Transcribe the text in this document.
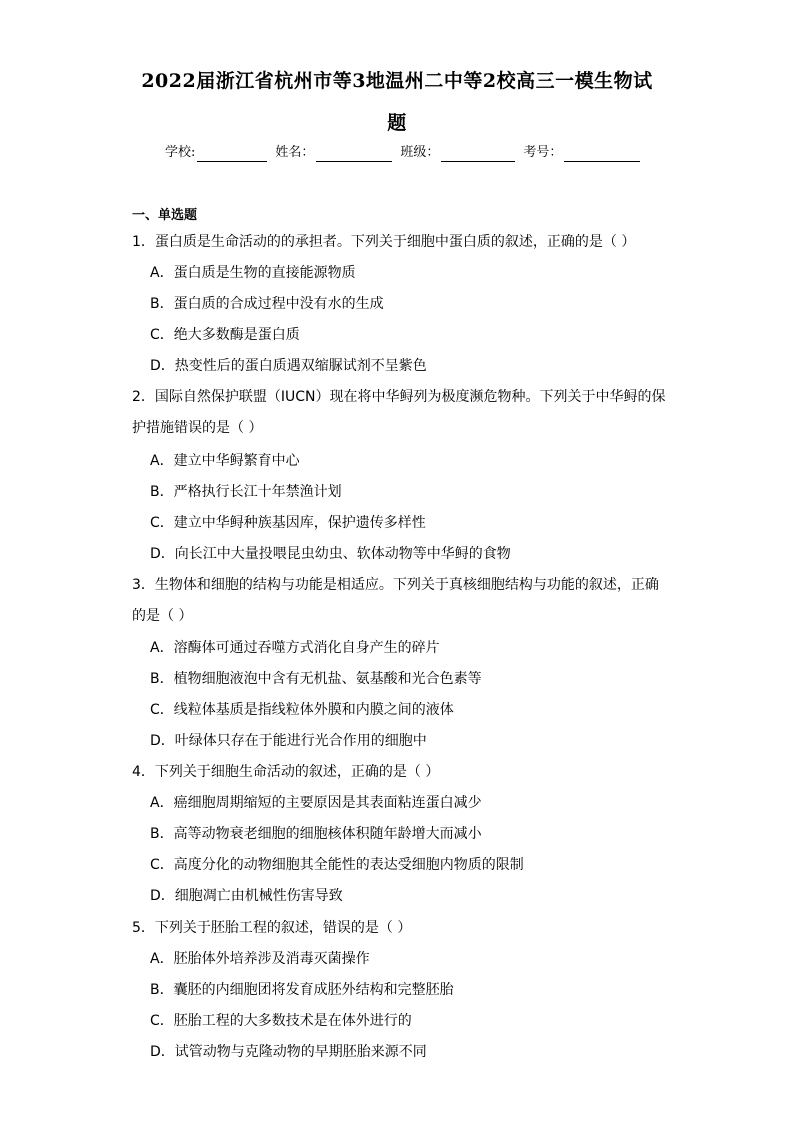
2022届浙江省杭州市等3地温州二中等2校高三一模生物试
题
学校:	姓名：	班级：	考号：
一、单选题
1．蛋白质是生命活动的的承担者。下列关于细胞中蛋白质的叙述，正确的是（ ）
A．蛋白质是生物的直接能源物质
B．蛋白质的合成过程中没有水的生成
C．绝大多数酶是蛋白质
D．热变性后的蛋白质遇双缩脲试剂不呈紫色
2．国际自然保护联盟（IUCN）现在将中华鲟列为极度濒危物种。下列关于中华鲟的保
护措施错误的是（ ）
A．建立中华鲟繁育中心
B．严格执行长江十年禁渔计划
C．建立中华鲟种族基因库，保护遗传多样性
D．向长江中大量投喂昆虫幼虫、软体动物等中华鲟的食物
3．生物体和细胞的结构与功能是相适应。下列关于真核细胞结构与功能的叙述，正确
的是（ ）
A．溶酶体可通过吞噬方式消化自身产生的碎片
B．植物细胞液泡中含有无机盐、氨基酸和光合色素等
C．线粒体基质是指线粒体外膜和内膜之间的液体
D．叶绿体只存在于能进行光合作用的细胞中
4．下列关于细胞生命活动的叙述，正确的是（ ）
A．癌细胞周期缩短的主要原因是其表面粘连蛋白减少
B．高等动物衰老细胞的细胞核体积随年龄增大而减小
C．高度分化的动物细胞其全能性的表达受细胞内物质的限制
D．细胞凋亡由机械性伤害导致
5．下列关于胚胎工程的叙述，错误的是（ ）
A．胚胎体外培养涉及消毒灭菌操作
B．囊胚的内细胞团将发育成胚外结构和完整胚胎
C．胚胎工程的大多数技术是在体外进行的
D．试管动物与克隆动物的早期胚胎来源不同
